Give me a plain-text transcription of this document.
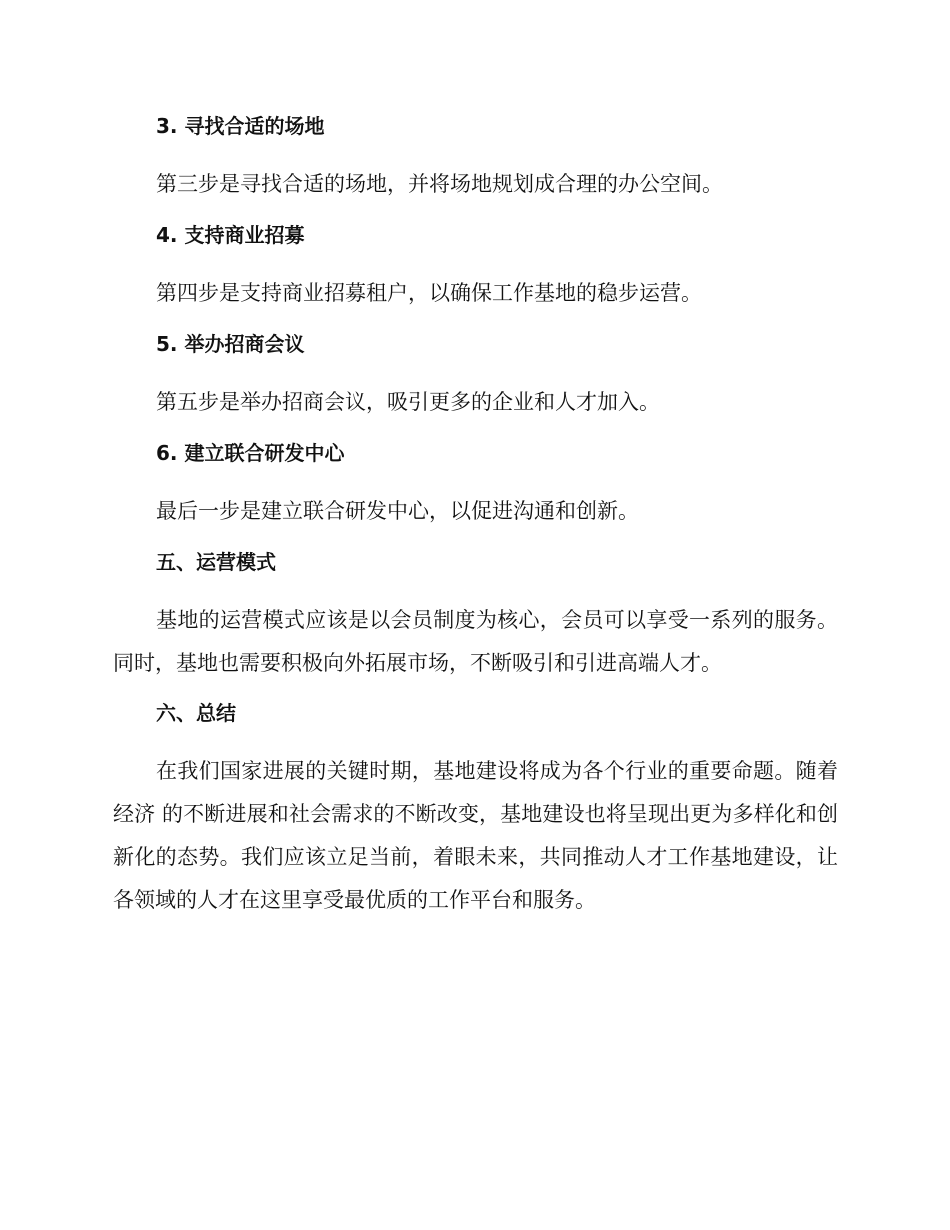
3. 寻找合适的场地

第三步是寻找合适的场地，并将场地规划成合理的办公空间。

4. 支持商业招募

第四步是支持商业招募租户，以确保工作基地的稳步运营。

5. 举办招商会议

第五步是举办招商会议，吸引更多的企业和人才加入。

6. 建立联合研发中心

最后一步是建立联合研发中心，以促进沟通和创新。

五、运营模式

基地的运营模式应该是以会员制度为核心，会员可以享受一系列的服务。同时，基地也需要积极向外拓展市场，不断吸引和引进高端人才。

六、总结

在我们国家进展的关键时期，基地建设将成为各个行业的重要命题。随着经济 的不断进展和社会需求的不断改变，基地建设也将呈现出更为多样化和创新化的态势。我们应该立足当前，着眼未来，共同推动人才工作基地建设，让各领域的人才在这里享受最优质的工作平台和服务。
